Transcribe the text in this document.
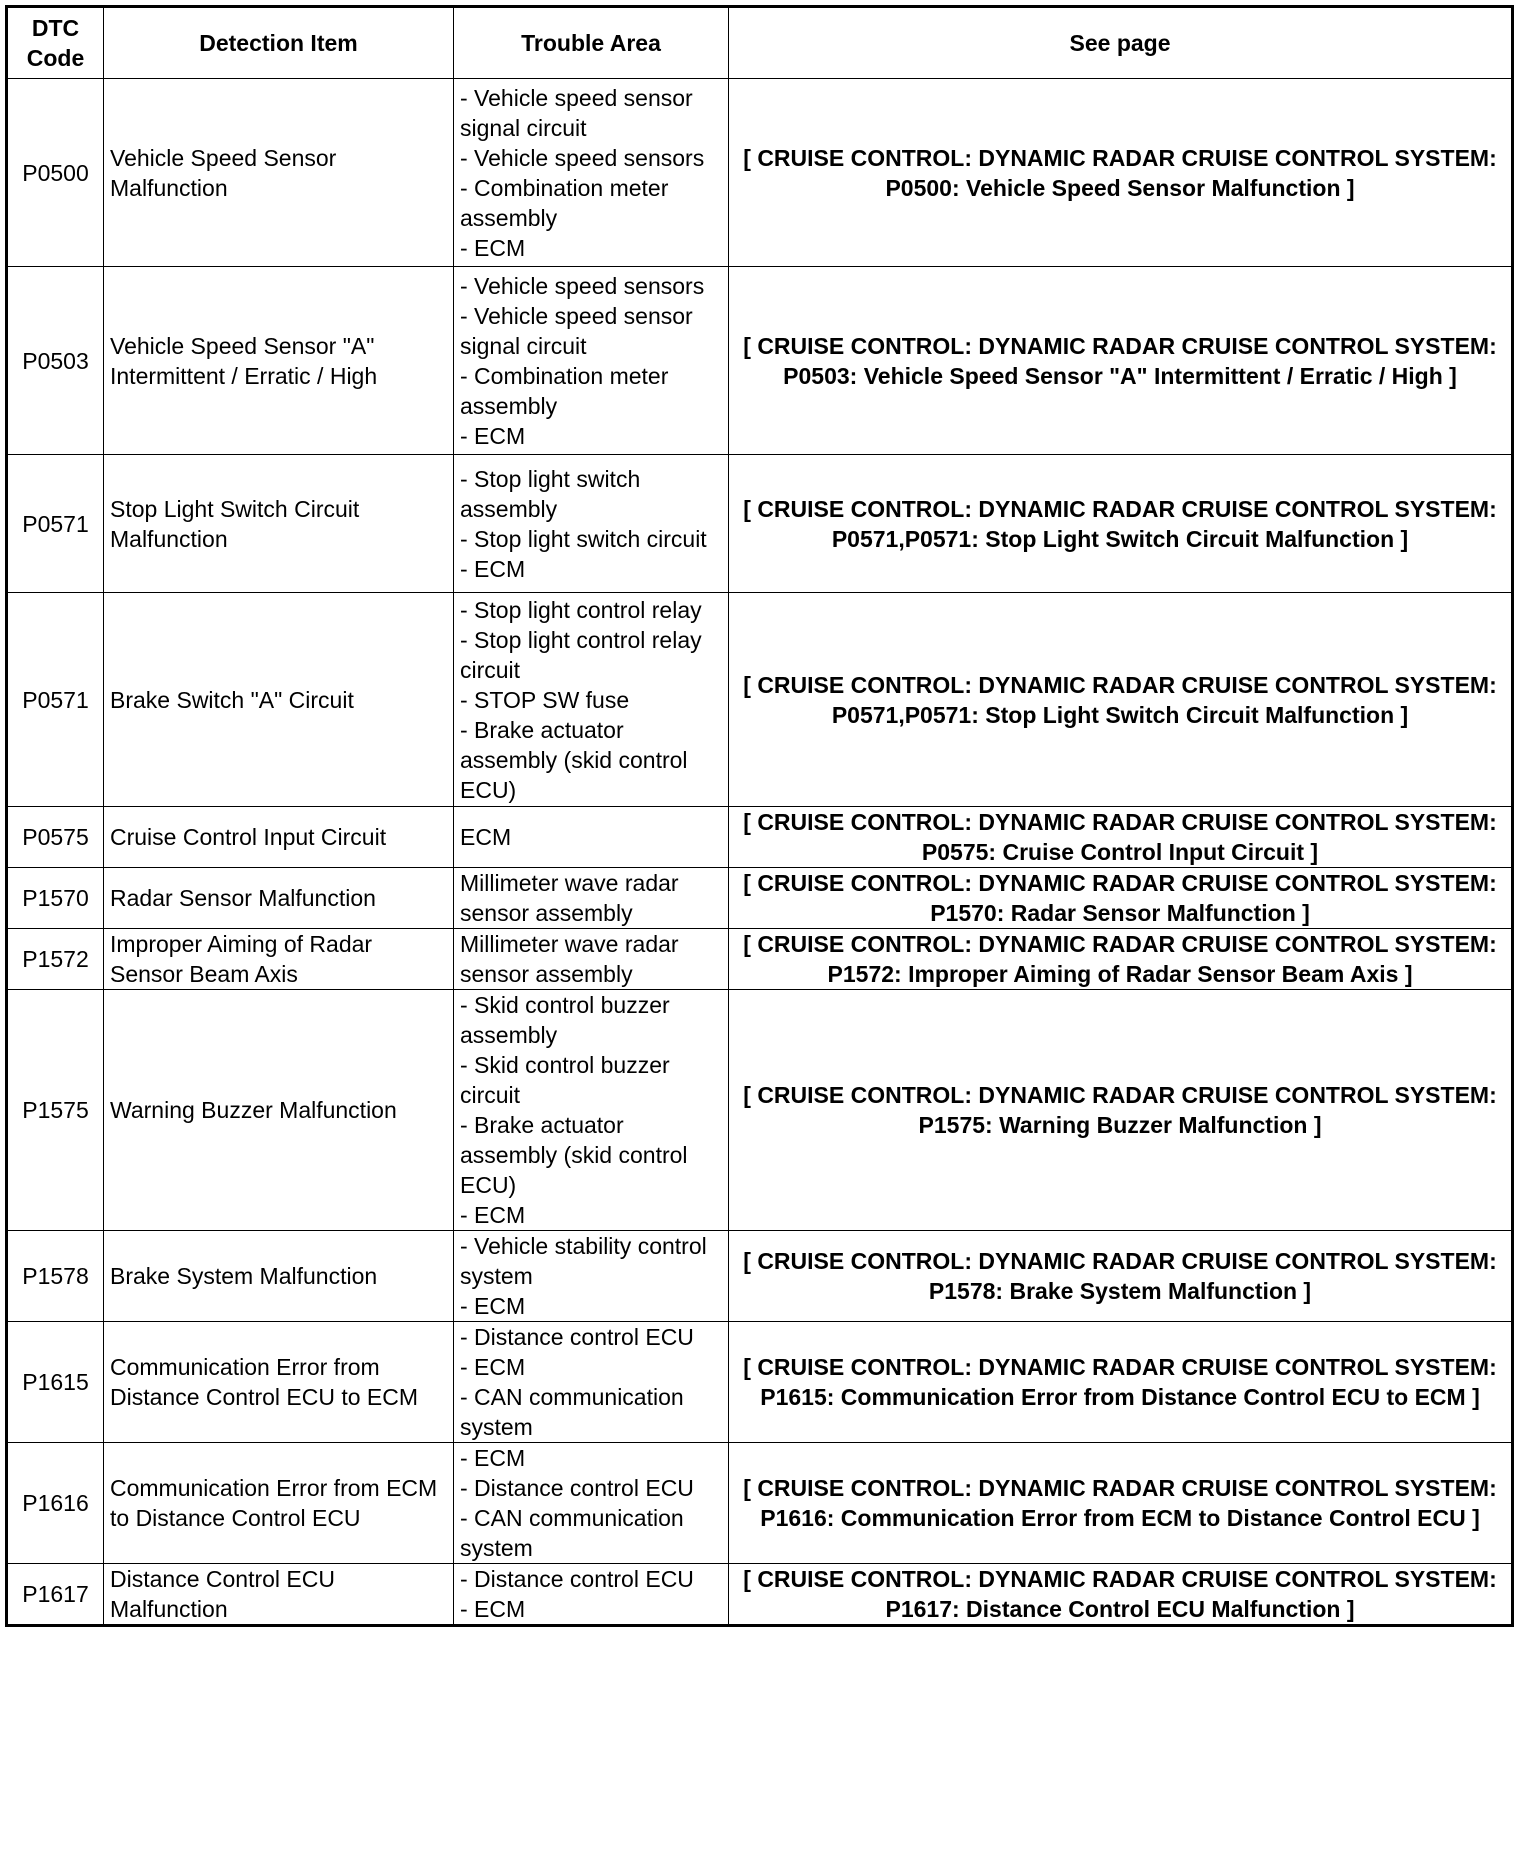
DTC Code	Detection Item	Trouble Area	See page
P0500	Vehicle Speed Sensor Malfunction	- Vehicle speed sensor signal circuit
- Vehicle speed sensors
- Combination meter assembly
- ECM	[ CRUISE CONTROL: DYNAMIC RADAR CRUISE CONTROL SYSTEM: P0500: Vehicle Speed Sensor Malfunction ]
P0503	Vehicle Speed Sensor "A" Intermittent / Erratic / High	- Vehicle speed sensors
- Vehicle speed sensor signal circuit
- Combination meter assembly
- ECM	[ CRUISE CONTROL: DYNAMIC RADAR CRUISE CONTROL SYSTEM: P0503: Vehicle Speed Sensor "A" Intermittent / Erratic / High ]
P0571	Stop Light Switch Circuit Malfunction	- Stop light switch assembly
- Stop light switch circuit
- ECM	[ CRUISE CONTROL: DYNAMIC RADAR CRUISE CONTROL SYSTEM: P0571,P0571: Stop Light Switch Circuit Malfunction ]
P0571	Brake Switch "A" Circuit	- Stop light control relay
- Stop light control relay circuit
- STOP SW fuse
- Brake actuator assembly (skid control ECU)	[ CRUISE CONTROL: DYNAMIC RADAR CRUISE CONTROL SYSTEM: P0571,P0571: Stop Light Switch Circuit Malfunction ]
P0575	Cruise Control Input Circuit	ECM	[ CRUISE CONTROL: DYNAMIC RADAR CRUISE CONTROL SYSTEM: P0575: Cruise Control Input Circuit ]
P1570	Radar Sensor Malfunction	Millimeter wave radar sensor assembly	[ CRUISE CONTROL: DYNAMIC RADAR CRUISE CONTROL SYSTEM: P1570: Radar Sensor Malfunction ]
P1572	Improper Aiming of Radar Sensor Beam Axis	Millimeter wave radar sensor assembly	[ CRUISE CONTROL: DYNAMIC RADAR CRUISE CONTROL SYSTEM: P1572: Improper Aiming of Radar Sensor Beam Axis ]
P1575	Warning Buzzer Malfunction	- Skid control buzzer assembly
- Skid control buzzer circuit
- Brake actuator assembly (skid control ECU)
- ECM	[ CRUISE CONTROL: DYNAMIC RADAR CRUISE CONTROL SYSTEM: P1575: Warning Buzzer Malfunction ]
P1578	Brake System Malfunction	- Vehicle stability control system
- ECM	[ CRUISE CONTROL: DYNAMIC RADAR CRUISE CONTROL SYSTEM: P1578: Brake System Malfunction ]
P1615	Communication Error from Distance Control ECU to ECM	- Distance control ECU
- ECM
- CAN communication system	[ CRUISE CONTROL: DYNAMIC RADAR CRUISE CONTROL SYSTEM: P1615: Communication Error from Distance Control ECU to ECM ]
P1616	Communication Error from ECM to Distance Control ECU	- ECM
- Distance control ECU
- CAN communication system	[ CRUISE CONTROL: DYNAMIC RADAR CRUISE CONTROL SYSTEM: P1616: Communication Error from ECM to Distance Control ECU ]
P1617	Distance Control ECU Malfunction	- Distance control ECU
- ECM	[ CRUISE CONTROL: DYNAMIC RADAR CRUISE CONTROL SYSTEM: P1617: Distance Control ECU Malfunction ]
